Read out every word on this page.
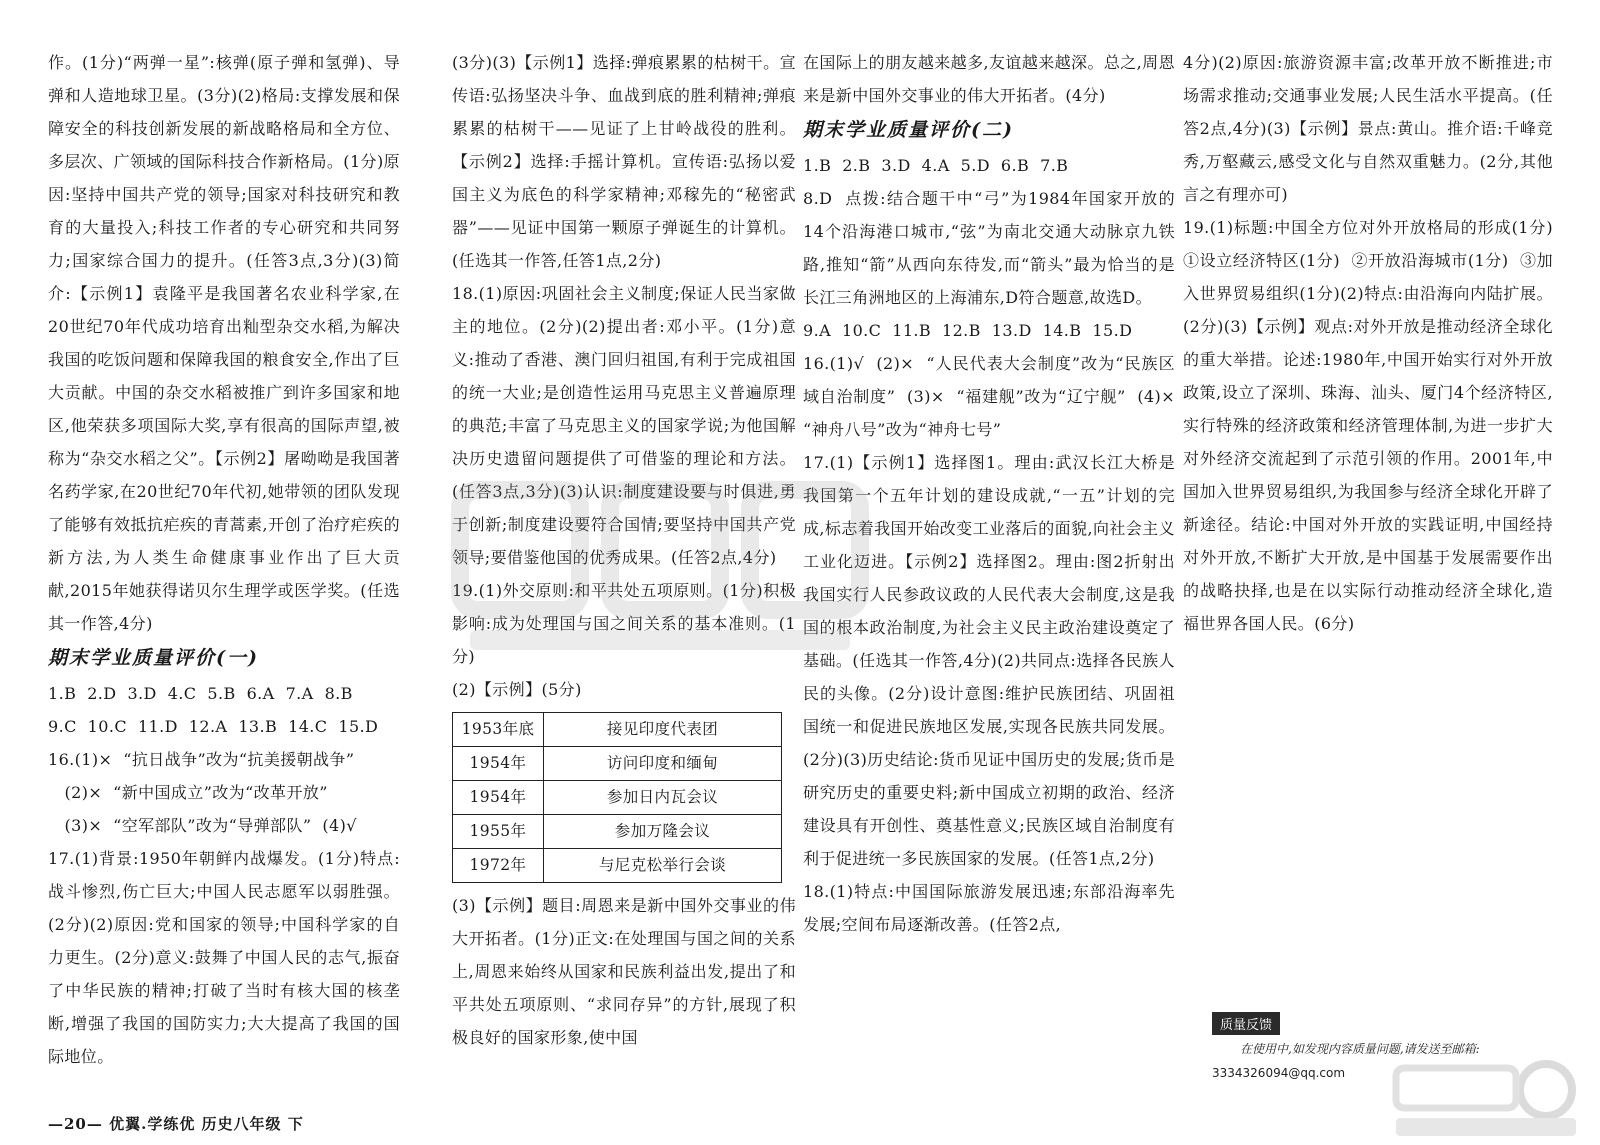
作。(1分)“两弹一星”:核弹(原子弹和氢弹)、导弹和人造地球卫星。(3分)(2)格局:支撑发展和保障安全的科技创新发展的新战略格局和全方位、多层次、广领域的国际科技合作新格局。(1分)原因:坚持中国共产党的领导;国家对科技研究和教育的大量投入;科技工作者的专心研究和共同努力;国家综合国力的提升。(任答3点,3分)(3)简介:【示例1】袁隆平是我国著名农业科学家,在20世纪70年代成功培育出籼型杂交水稻,为解决我国的吃饭问题和保障我国的粮食安全,作出了巨大贡献。中国的杂交水稻被推广到许多国家和地区,他荣获多项国际大奖,享有很高的国际声望,被称为“杂交水稻之父”。【示例2】屠呦呦是我国著名药学家,在20世纪70年代初,她带领的团队发现了能够有效抵抗疟疾的青蒿素,开创了治疗疟疾的新方法,为人类生命健康事业作出了巨大贡献,2015年她获得诺贝尔生理学或医学奖。(任选其一作答,4分)

期末学业质量评价(一)

1.B  2.D  3.D  4.C  5.B  6.A  7.A  8.B

9.C  10.C  11.D  12.A  13.B  14.C  15.D

16.(1)×  “抗日战争”改为“抗美援朝战争”

(2)×  “新中国成立”改为“改革开放”

(3)×  “空军部队”改为“导弹部队”  (4)√

17.(1)背景:1950年朝鲜内战爆发。(1分)特点:战斗惨烈,伤亡巨大;中国人民志愿军以弱胜强。(2分)(2)原因:党和国家的领导;中国科学家的自力更生。(2分)意义:鼓舞了中国人民的志气,振奋了中华民族的精神;打破了当时有核大国的核垄断,增强了我国的国防实力;大大提高了我国的国际地位。

(3分)(3)【示例1】选择:弹痕累累的枯树干。宣传语:弘扬坚决斗争、血战到底的胜利精神;弹痕累累的枯树干——见证了上甘岭战役的胜利。【示例2】选择:手摇计算机。宣传语:弘扬以爱国主义为底色的科学家精神;邓稼先的“秘密武器”——见证中国第一颗原子弹诞生的计算机。(任选其一作答,任答1点,2分)

18.(1)原因:巩固社会主义制度;保证人民当家做主的地位。(2分)(2)提出者:邓小平。(1分)意义:推动了香港、澳门回归祖国,有利于完成祖国的统一大业;是创造性运用马克思主义普遍原理的典范;丰富了马克思主义的国家学说;为他国解决历史遗留问题提供了可借鉴的理论和方法。(任答3点,3分)(3)认识:制度建设要与时俱进,勇于创新;制度建设要符合国情;要坚持中国共产党领导;要借鉴他国的优秀成果。(任答2点,4分)

19.(1)外交原则:和平共处五项原则。(1分)积极影响:成为处理国与国之间关系的基本准则。(1分)

(2)【示例】(5分)

1953年底	接见印度代表团
1954年	访问印度和缅甸
1954年	参加日内瓦会议
1955年	参加万隆会议
1972年	与尼克松举行会谈

(3)【示例】题目:周恩来是新中国外交事业的伟大开拓者。(1分)正文:在处理国与国之间的关系上,周恩来始终从国家和民族利益出发,提出了和平共处五项原则、“求同存异”的方针,展现了积极良好的国家形象,使中国

在国际上的朋友越来越多,友谊越来越深。总之,周恩来是新中国外交事业的伟大开拓者。(4分)

期末学业质量评价(二)

1.B  2.B  3.D  4.A  5.D  6.B  7.B

8.D  点拨:结合题干中“弓”为1984年国家开放的14个沿海港口城市,“弦”为南北交通大动脉京九铁路,推知“箭”从西向东待发,而“箭头”最为恰当的是长江三角洲地区的上海浦东,D符合题意,故选D。

9.A  10.C  11.B  12.B  13.D  14.B  15.D

16.(1)√  (2)×  “人民代表大会制度”改为“民族区域自治制度”  (3)×  “福建舰”改为“辽宁舰”  (4)×  “神舟八号”改为“神舟七号”

17.(1)【示例1】选择图1。理由:武汉长江大桥是我国第一个五年计划的建设成就,“一五”计划的完成,标志着我国开始改变工业落后的面貌,向社会主义工业化迈进。【示例2】选择图2。理由:图2折射出我国实行人民参政议政的人民代表大会制度,这是我国的根本政治制度,为社会主义民主政治建设奠定了基础。(任选其一作答,4分)(2)共同点:选择各民族人民的头像。(2分)设计意图:维护民族团结、巩固祖国统一和促进民族地区发展,实现各民族共同发展。(2分)(3)历史结论:货币见证中国历史的发展;货币是研究历史的重要史料;新中国成立初期的政治、经济建设具有开创性、奠基性意义;民族区域自治制度有利于促进统一多民族国家的发展。(任答1点,2分)

18.(1)特点:中国国际旅游发展迅速;东部沿海率先发展;空间布局逐渐改善。(任答2点,

4分)(2)原因:旅游资源丰富;改革开放不断推进;市场需求推动;交通事业发展;人民生活水平提高。(任答2点,4分)(3)【示例】景点:黄山。推介语:千峰竞秀,万壑藏云,感受文化与自然双重魅力。(2分,其他言之有理亦可)

19.(1)标题:中国全方位对外开放格局的形成(1分)  ①设立经济特区(1分)  ②开放沿海城市(1分)  ③加入世界贸易组织(1分)(2)特点:由沿海向内陆扩展。(2分)(3)【示例】观点:对外开放是推动经济全球化的重大举措。论述:1980年,中国开始实行对外开放政策,设立了深圳、珠海、汕头、厦门4个经济特区,实行特殊的经济政策和经济管理体制,为进一步扩大对外经济交流起到了示范引领的作用。2001年,中国加入世界贸易组织,为我国参与经济全球化开辟了新途径。结论:中国对外开放的实践证明,中国经持对外开放,不断扩大开放,是中国基于发展需要作出的战略抉择,也是在以实际行动推动经济全球化,造福世界各国人民。(6分)

质量反馈
在使用中,如发现内容质量问题,请发送至邮箱:
3334326094@qq.com
—20— 优翼.学练优 历史八年级 下
